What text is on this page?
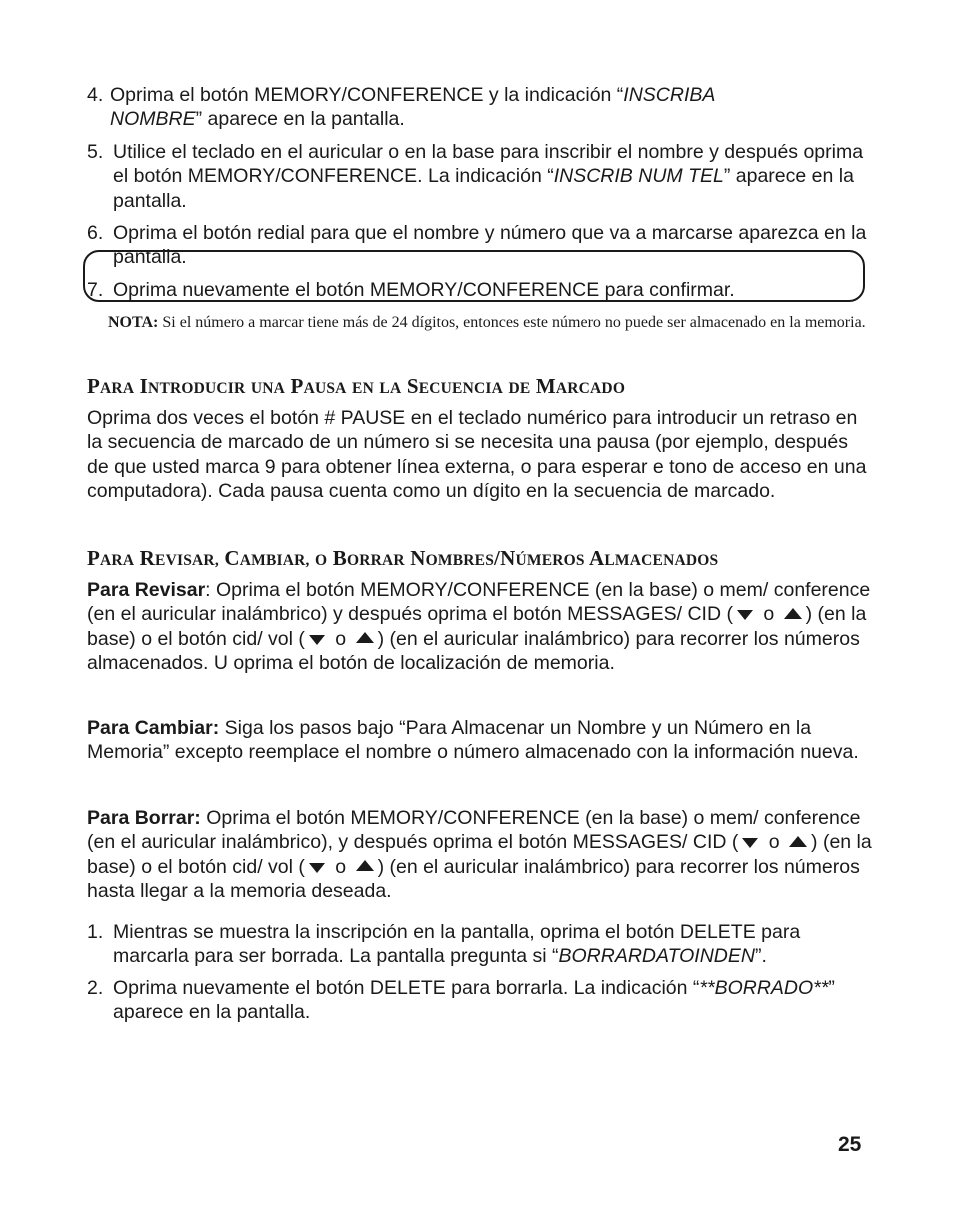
4. Oprima el botón MEMORY/CONFERENCE y la indicación “INSCRIBA
NOMBRE” aparece en la pantalla.
5. Utilice el teclado en el auricular o en la base para inscribir el nombre y después oprima el botón MEMORY/CONFERENCE. La indicación “INSCRIB NUM TEL” aparece en la pantalla.
6. Oprima el botón redial para que el nombre y número que va a marcarse aparezca en la pantalla.
7. Oprima nuevamente el botón MEMORY/CONFERENCE para confirmar.
NOTA: Si el número a marcar tiene más de 24 dígitos, entonces este número no puede ser almacenado en la memoria.
PARA INTRODUCIR UNA PAUSA EN LA SECUENCIA DE MARCADO
Oprima dos veces el botón # PAUSE en el teclado numérico para introducir un retraso en la secuencia de marcado de un número si se necesita una pausa (por ejemplo, después de que usted marca 9 para obtener línea externa, o para esperar e tono de acceso en una computadora). Cada pausa cuenta como un dígito en la secuencia de marcado.
PARA REVISAR, CAMBIAR, O BORRAR NOMBRES/NÚMEROS ALMACENADOS
Para Revisar: Oprima el botón MEMORY/CONFERENCE (en la base) o mem/ conference (en el auricular inalámbrico) y después oprima el botón MESSAGES/ CID ( o ) (en la base) o el botón cid/ vol ( o ) (en el auricular inalámbrico) para recorrer los números almacenados. U oprima el botón de localización de memoria.
Para Cambiar: Siga los pasos bajo “Para Almacenar un Nombre y un Número en la Memoria” excepto reemplace el nombre o número almacenado con la información nueva.
Para Borrar: Oprima el botón MEMORY/CONFERENCE (en la base) o mem/ conference (en el auricular inalámbrico), y después oprima el botón MESSAGES/ CID ( o ) (en la base) o el botón cid/ vol ( o ) (en el auricular inalámbrico) para recorrer los números hasta llegar a la memoria deseada.
1. Mientras se muestra la inscripción en la pantalla, oprima el botón DELETE para marcarla para ser borrada. La pantalla pregunta si “BORRARDATOINDEN”.
2. Oprima nuevamente el botón DELETE para borrarla. La indicación “**BORRADO**” aparece en la pantalla.
25
